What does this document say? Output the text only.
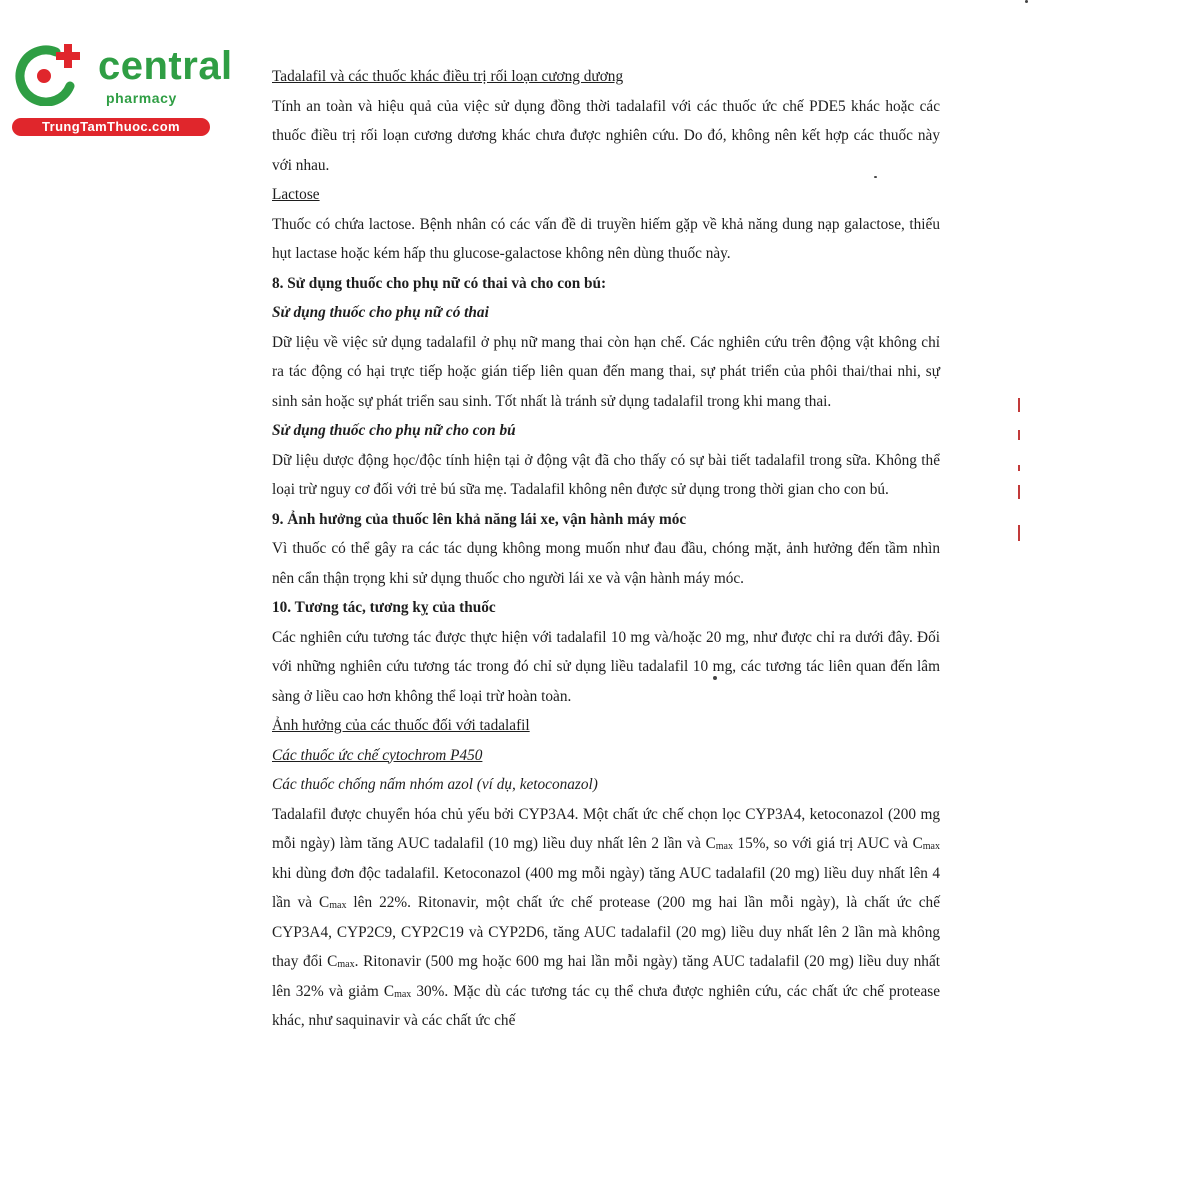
central
pharmacy
TrungTamThuoc.com

Tadalafil và các thuốc khác điều trị rối loạn cương dương

Tính an toàn và hiệu quả của việc sử dụng đồng thời tadalafil với các thuốc ức chế PDE5 khác hoặc các thuốc điều trị rối loạn cương dương khác chưa được nghiên cứu. Do đó, không nên kết hợp các thuốc này với nhau.

Lactose

Thuốc có chứa lactose. Bệnh nhân có các vấn đề di truyền hiếm gặp về khả năng dung nạp galactose, thiếu hụt lactase hoặc kém hấp thu glucose-galactose không nên dùng thuốc này.

8. Sử dụng thuốc cho phụ nữ có thai và cho con bú:

Sử dụng thuốc cho phụ nữ có thai

Dữ liệu về việc sử dụng tadalafil ở phụ nữ mang thai còn hạn chế. Các nghiên cứu trên động vật không chỉ ra tác động có hại trực tiếp hoặc gián tiếp liên quan đến mang thai, sự phát triển của phôi thai/thai nhi, sự sinh sản hoặc sự phát triển sau sinh. Tốt nhất là tránh sử dụng tadalafil trong khi mang thai.

Sử dụng thuốc cho phụ nữ cho con bú

Dữ liệu dược động học/độc tính hiện tại ở động vật đã cho thấy có sự bài tiết tadalafil trong sữa. Không thể loại trừ nguy cơ đối với trẻ bú sữa mẹ. Tadalafil không nên được sử dụng trong thời gian cho con bú.

9. Ảnh hưởng của thuốc lên khả năng lái xe, vận hành máy móc

Vì thuốc có thể gây ra các tác dụng không mong muốn như đau đầu, chóng mặt, ảnh hưởng đến tầm nhìn nên cẩn thận trọng khi sử dụng thuốc cho người lái xe và vận hành máy móc.

10. Tương tác, tương kỵ của thuốc

Các nghiên cứu tương tác được thực hiện với tadalafil 10 mg và/hoặc 20 mg, như được chỉ ra dưới đây. Đối với những nghiên cứu tương tác trong đó chỉ sử dụng liều tadalafil 10 mg, các tương tác liên quan đến lâm sàng ở liều cao hơn không thể loại trừ hoàn toàn.

Ảnh hưởng của các thuốc đối với tadalafil

Các thuốc ức chế cytochrom P450

Các thuốc chống nấm nhóm azol (ví dụ, ketoconazol)

Tadalafil được chuyển hóa chủ yếu bởi CYP3A4. Một chất ức chế chọn lọc CYP3A4, ketoconazol (200 mg mỗi ngày) làm tăng AUC tadalafil (10 mg) liều duy nhất lên 2 lần và $C_{max}$ 15%, so với giá trị AUC và $C_{max}$ khi dùng đơn độc tadalafil. Ketoconazol (400 mg mỗi ngày) tăng AUC tadalafil (20 mg) liều duy nhất lên 4 lần và $C_{max}$ lên 22%. Ritonavir, một chất ức chế protease (200 mg hai lần mỗi ngày), là chất ức chế CYP3A4, CYP2C9, CYP2C19 và CYP2D6, tăng AUC tadalafil (20 mg) liều duy nhất lên 2 lần mà không thay đổi $C_{max}$. Ritonavir (500 mg hoặc 600 mg hai lần mỗi ngày) tăng AUC tadalafil (20 mg) liều duy nhất lên 32% và giảm $C_{max}$ 30%. Mặc dù các tương tác cụ thể chưa được nghiên cứu, các chất ức chế protease khác, như saquinavir và các chất ức chế
